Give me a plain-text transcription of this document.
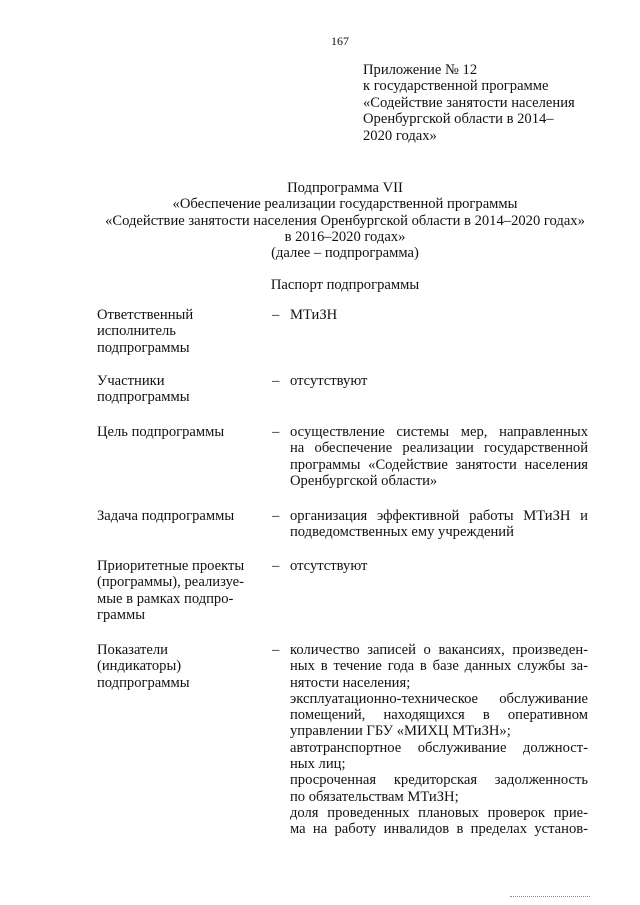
167
Приложение № 12
к государственной программе
«Содействие занятости населения
Оренбургской области в 2014–
2020 годах»
Подпрограмма VII
«Обеспечение реализации государственной программы
«Содействие занятости населения Оренбургской области в 2014–2020 годах»
в 2016–2020 годах»
(далее – подпрограмма)
Паспорт подпрограммы
Ответственный
исполнитель
подпрограммы
– МТиЗН
Участники
подпрограммы
– отсутствуют
Цель подпрограммы	– осуществление системы мер, направленных
на обеспечение реализации государственной
программы «Содействие занятости населения
Оренбургской области»
Задача подпрограммы	– организация эффективной работы МТиЗН и
подведомственных ему учреждений
Приоритетные проекты
(программы), реализуе-
мые в рамках подпро-
граммы
– отсутствуют
Показатели
(индикаторы)
подпрограммы
– количество записей о вакансиях, произведен-
ных в течение года в базе данных службы за-
нятости населения;
эксплуатационно-техническое обслуживание
помещений, находящихся в оперативном
управлении ГБУ «МИХЦ МТиЗН»;
автотранспортное обслуживание должност-
ных лиц;
просроченная кредиторская задолженность
по обязательствам МТиЗН;
доля проведенных плановых проверок прие-
ма на работу инвалидов в пределах установ-
